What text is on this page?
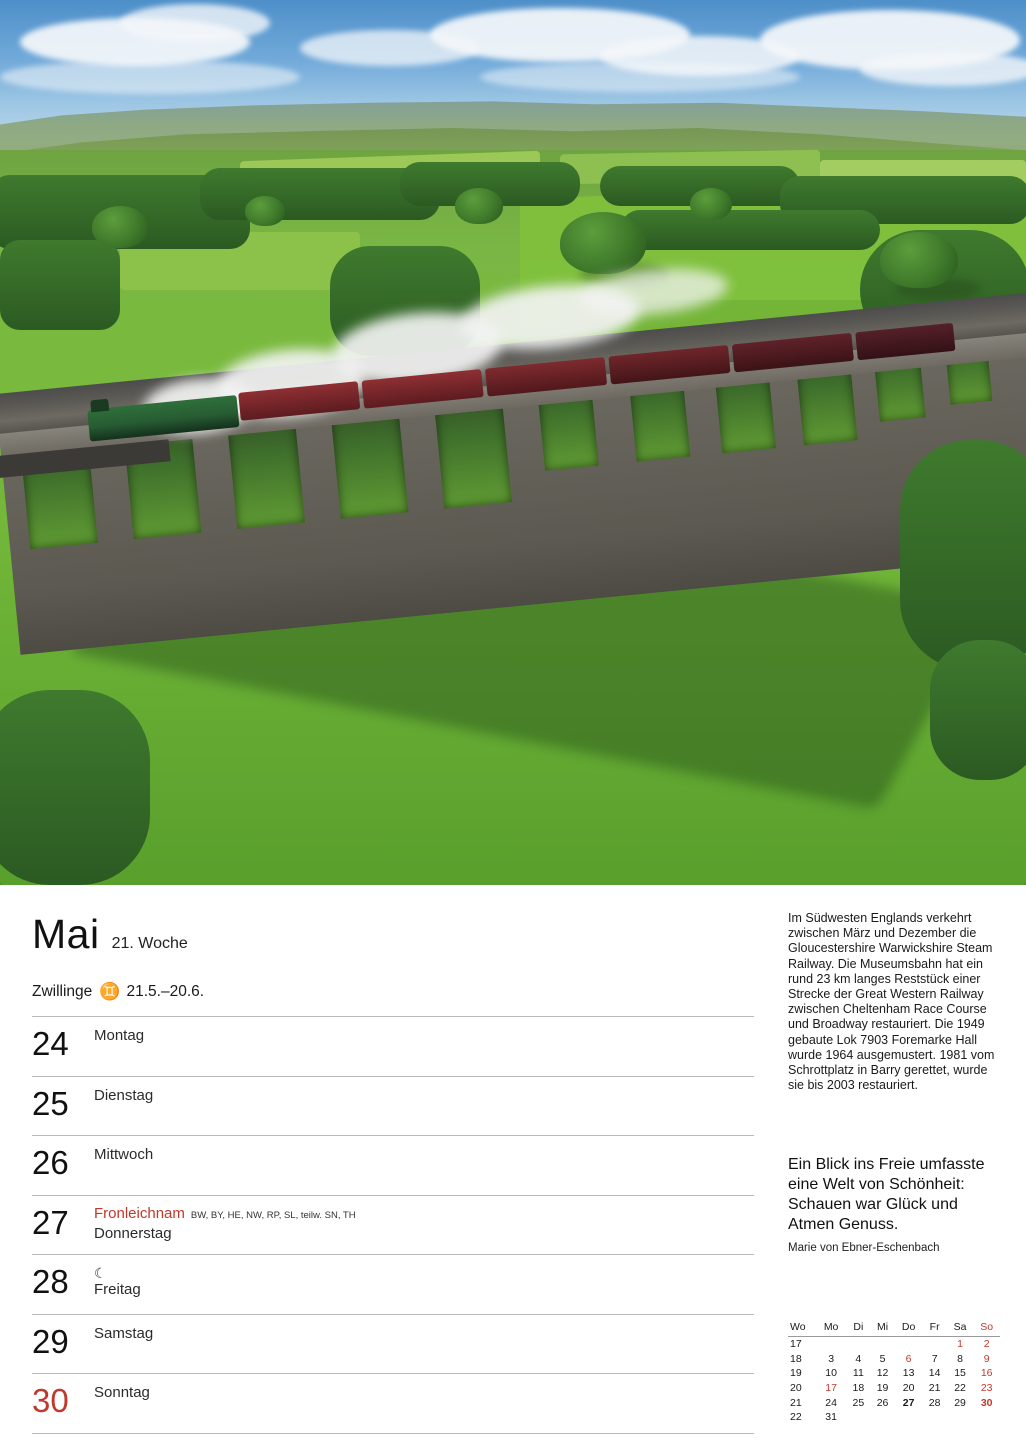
Mai 21. Woche
Zwillinge ♊ 21.5.–20.6.
24	Montag
25	Dienstag
26	Mittwoch
27	Fronleichnam BW, BY, HE, NW, RP, SL, teilw. SN, TH
Donnerstag
28	☾
Freitag
29	Samstag
30	Sonntag
Im Südwesten Englands verkehrt zwischen März und Dezember die Gloucestershire Warwickshire Steam Railway. Die Museumsbahn hat ein rund 23 km langes Reststück einer Strecke der Great Western Railway zwischen Cheltenham Race Course und Broadway restauriert. Die 1949 gebaute Lok 7903 Foremarke Hall wurde 1964 ausgemustert. 1981 vom Schrottplatz in Barry gerettet, wurde sie bis 2003 restauriert.
Ein Blick ins Freie umfasste eine Welt von Schönheit: Schauen war Glück und Atmen Genuss.
Marie von Ebner-Eschenbach
Wo	Mo	Di	Mi	Do	Fr	Sa	So
17						1	2
18	3	4	5	6	7	8	9
19	10	11	12	13	14	15	16
20	17	18	19	20	21	22	23
21	24	25	26	27	28	29	30
22	31						
